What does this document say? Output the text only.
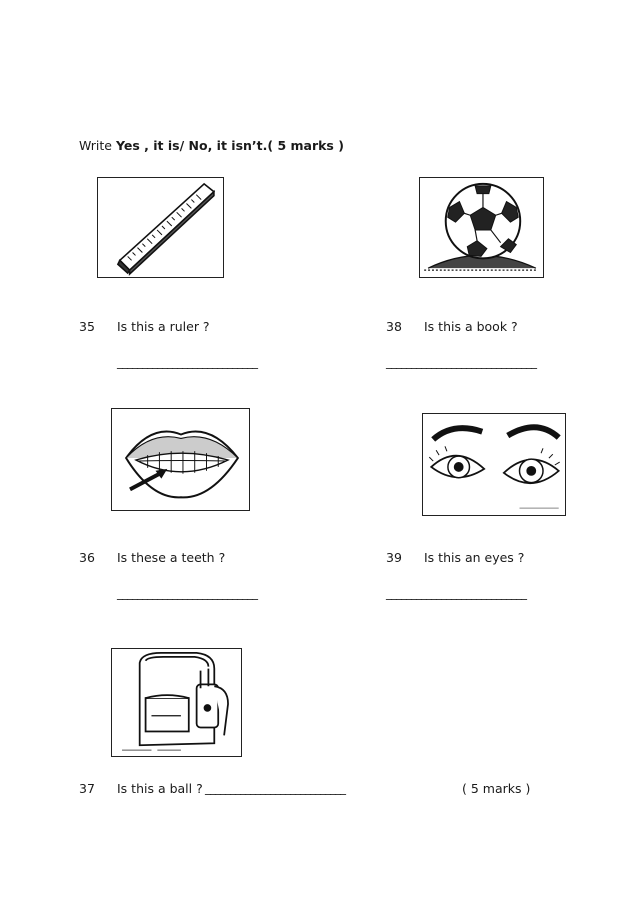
Write Yes , it is/ No, it isn’t.( 5 marks )
35 Is this a ruler ?
____________________________
38 Is this a book ?
______________________________
36 Is these a teeth ?
____________________________
39 Is this an eyes ?
____________________________
37 Is this a ball ? ____________________________	( 5 marks )
